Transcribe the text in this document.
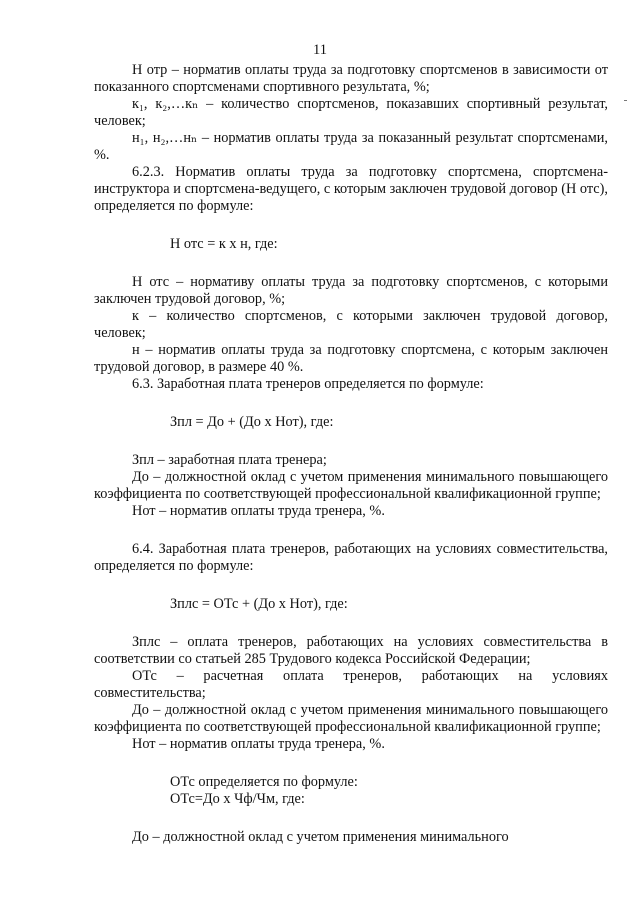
11

Н отр – норматив оплаты труда за подготовку спортсменов в зависимости от показанного спортсменами спортивного результата, %;

к₁, к₂,…кₙ – количество спортсменов, показавших спортивный результат, человек;

н₁, н₂,…нₙ – норматив оплаты труда за показанный результат спортсменами, %.

6.2.3. Норматив оплаты труда за подготовку спортсмена, спортсмена-инструктора и спортсмена-ведущего, с которым заключен трудовой договор (Н отс), определяется по формуле:

Н отс = к х н, где:

Н отс – нормативу оплаты труда за подготовку спортсменов, с которыми заключен трудовой договор, %;

к – количество спортсменов, с которыми заключен трудовой договор, человек;

н – норматив оплаты труда за подготовку спортсмена, с которым заключен трудовой договор, в размере 40 %.

6.3. Заработная плата тренеров определяется по формуле:

Зпл = До + (До х Нот), где:

Зпл – заработная плата тренера;

До – должностной оклад с учетом применения минимального повышающего коэффициента по соответствующей профессиональной квалификационной группе;

Нот – норматив оплаты труда тренера, %.

6.4. Заработная плата тренеров, работающих на условиях совместительства, определяется по формуле:

Зплс = ОТс + (До х Нот), где:

Зплс – оплата тренеров, работающих на условиях совместительства в соответствии со статьей 285 Трудового кодекса Российской Федерации;

ОТс – расчетная оплата тренеров, работающих на условиях совместительства;

До – должностной оклад с учетом применения минимального повышающего коэффициента по соответствующей профессиональной квалификационной группе;

Нот – норматив оплаты труда тренера, %.

ОТс определяется по формуле:

ОТс=До х Чф/Чм, где:

До – должностной оклад с учетом применения минимального
